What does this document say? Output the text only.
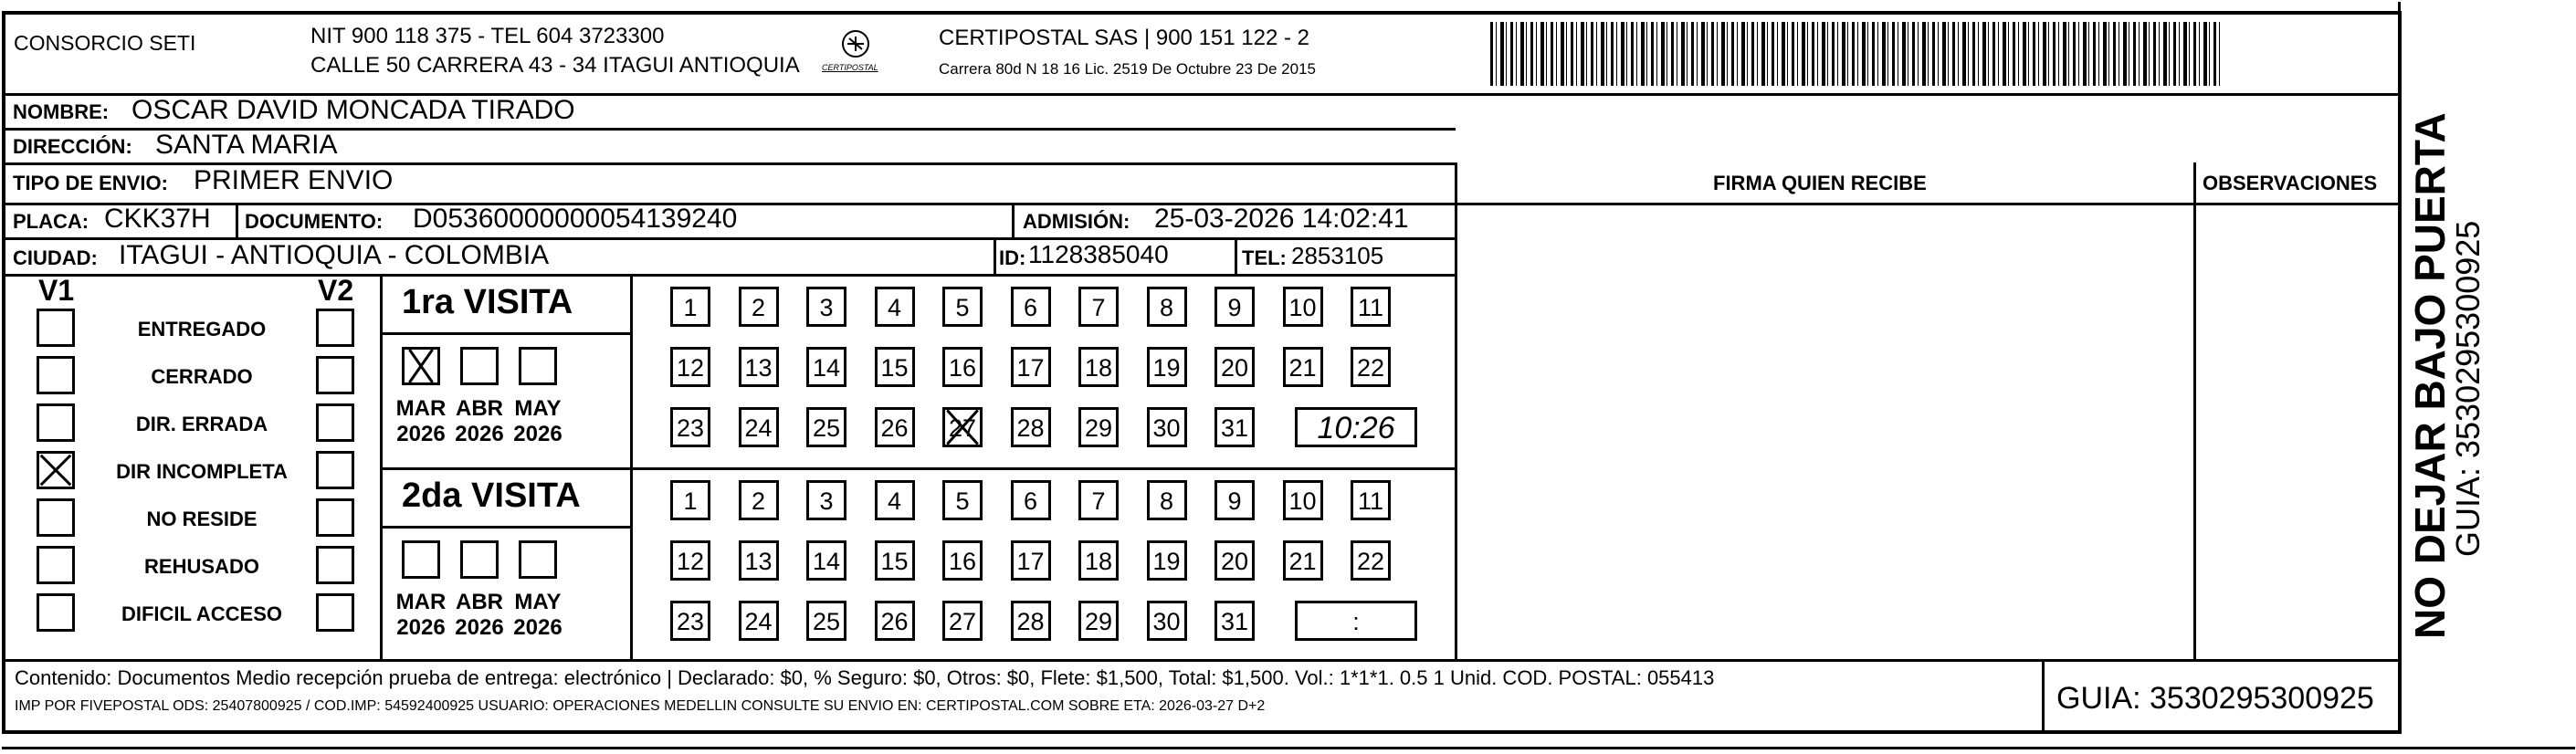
CONSORCIO SETI	NIT 900 118 375 - TEL 604 3723300
CALLE 50 CARRERA 43 - 34 ITAGUI ANTIOQUIA	CERTIPOSTAL
CERTIPOSTAL SAS | 900 151 122 - 2
Carrera 80d N 18 16 Lic. 2519 De Octubre 23 De 2015
NOMBRE: OSCAR DAVID MONCADA TIRADO
DIRECCIÓN: SANTA MARIA
TIPO DE ENVIO: PRIMER ENVIO
PLACA: CKK37H DOCUMENTO: D05360000000054139240	ADMISIÓN: 25-03-2026 14:02:41
CIUDAD: ITAGUI - ANTIOQUIA - COLOMBIA	ID: 1128385040	TEL: 2853105
FIRMA QUIEN RECIBE	OBSERVACIONES
V1	V2
ENTREGADO
CERRADO
DIR. ERRADA
DIR INCOMPLETA
NO RESIDE
REHUSADO
DIFICIL ACCESO
1ra VISITA
MAR
2026
ABR
2026
MAY
2026
1	2	3	4	5	6	7	8	9	10 11
12 13 14 15 16 17 18 19 20 21 22
23 24 25 26 27 28 29 30 31	10:26
2da VISITA
MAR
2026
ABR
2026
MAY
2026
1	2	3	4	5	6	7	8	9	10 11
12 13 14 15 16 17 18 19 20 21 22
23 24 25 26 27 28 29 30 31	:
Contenido: Documentos Medio recepción prueba de entrega: electrónico | Declarado: $0, % Seguro: $0, Otros: $0, Flete: $1,500, Total: $1,500. Vol.: 1*1*1. 0.5 1 Unid. COD. POSTAL: 055413
IMP POR FIVEPOSTAL ODS: 25407800925 / COD.IMP: 54592400925 USUARIO: OPERACIONES MEDELLIN CONSULTE SU ENVIO EN: CERTIPOSTAL.COM SOBRE ETA: 2026-03-27 D+2	GUIA: 3530295300925
NO DEJAR BAJO PUERTA
GUIA: 3530295300925
